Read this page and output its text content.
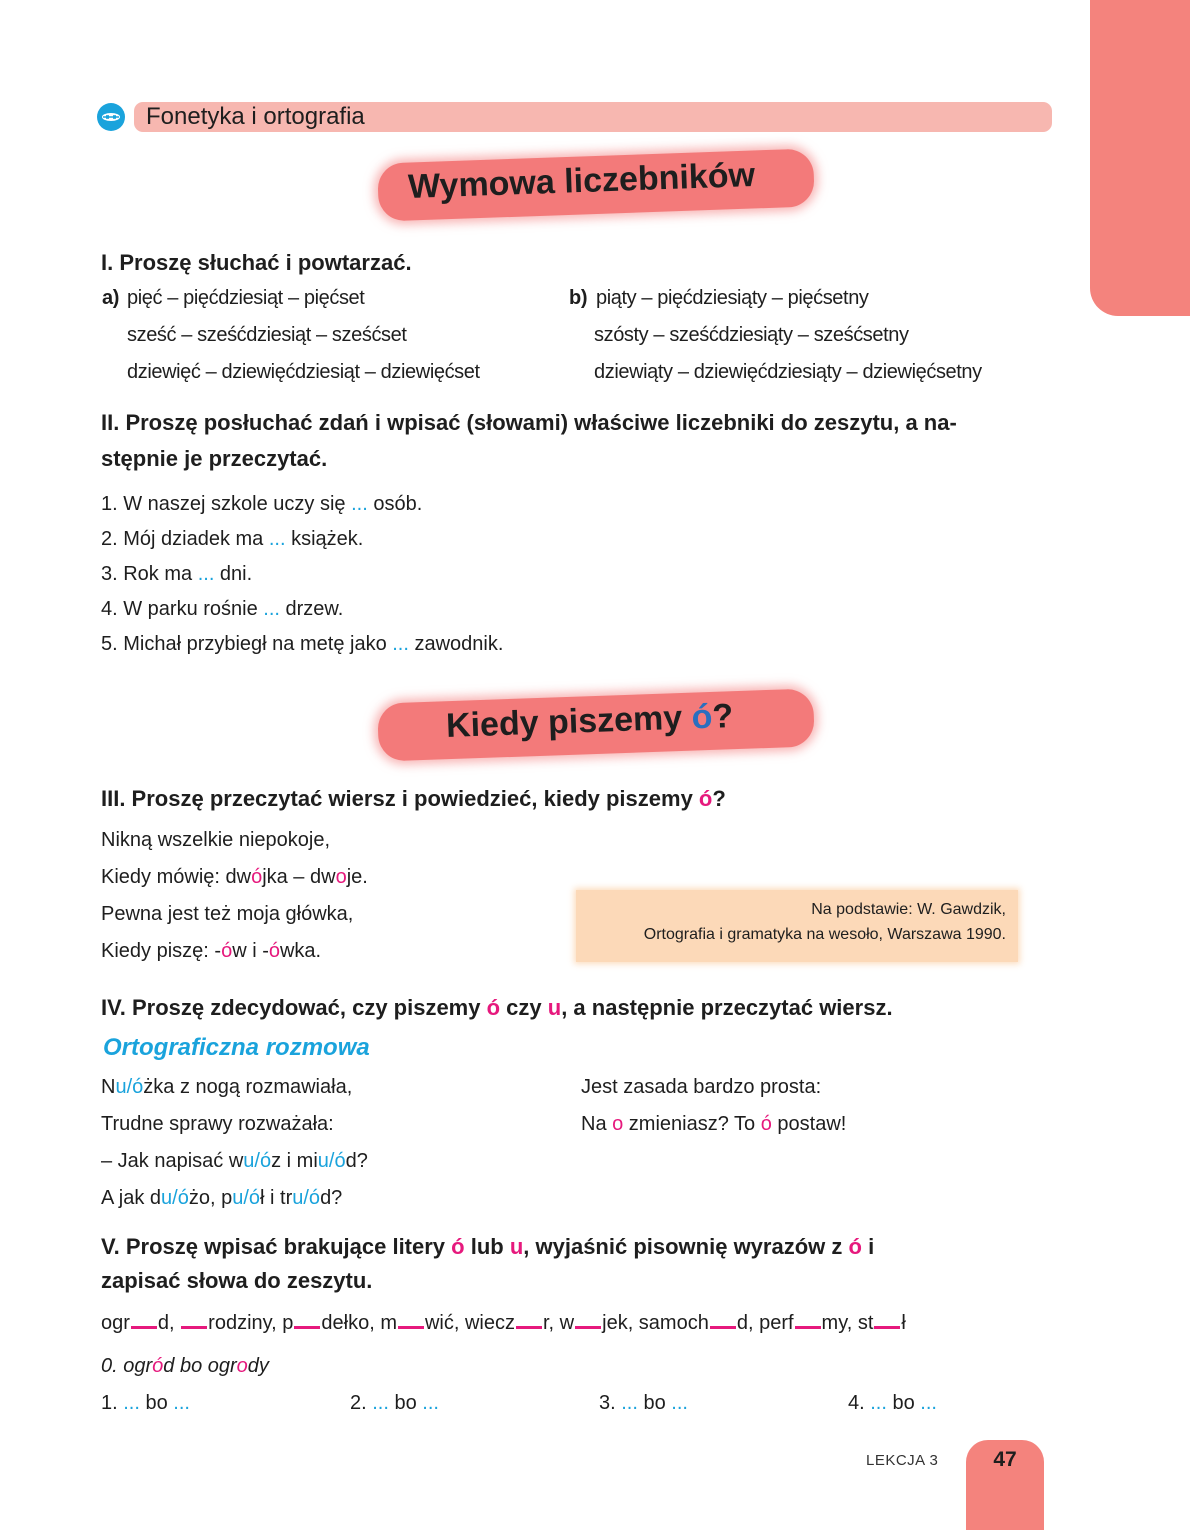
Fonetyka i ortografia
Wymowa liczebników
I. Proszę słuchać i powtarzać.
a) pięć – pięćdziesiąt – pięćset
sześć – sześćdziesiąt – sześćset
dziewięć – dziewięćdziesiąt – dziewięćset
b) piąty – pięćdziesiąty – pięćsetny
szósty – sześćdziesiąty – sześćsetny
dziewiąty – dziewięćdziesiąty – dziewięćsetny
II. Proszę posłuchać zdań i wpisać (słowami) właściwe liczebniki do zeszytu, a na-
stępnie je przeczytać.
1. W naszej szkole uczy się ... osób.
2. Mój dziadek ma ... książek.
3. Rok ma ... dni.
4. W parku rośnie ... drzew.
5. Michał przybiegł na metę jako ... zawodnik.
Kiedy piszemy ó?
III. Proszę przeczytać wiersz i powiedzieć, kiedy piszemy ó?
Nikną wszelkie niepokoje,
Kiedy mówię: dwójka – dwoje.
Pewna jest też moja główka,
Kiedy piszę: -ów i -ówka.
Na podstawie: W. Gawdzik,
Ortografia i gramatyka na wesoło, Warszawa 1990.
IV. Proszę zdecydować, czy piszemy ó czy u, a następnie przeczytać wiersz.
Ortograficzna rozmowa
Nu/óżka z nogą rozmawiała,
Trudne sprawy rozważała:
– Jak napisać wu/óz i miu/ód?
A jak du/óżo, pu/ół i tru/ód?
Jest zasada bardzo prosta:
Na o zmieniasz? To ó postaw!
V. Proszę wpisać brakujące litery ó lub u, wyjaśnić pisownię wyrazów z ó i
zapisać słowa do zeszytu.
ogr d, rodziny, p dełko, m wić, wiecz r, w jek, samoch d, perf my, st ł
0. ogród bo ogrody
1. ... bo ...	2. ... bo ...	3. ... bo ...	4. ... bo ...
LEKCJA 3	47
